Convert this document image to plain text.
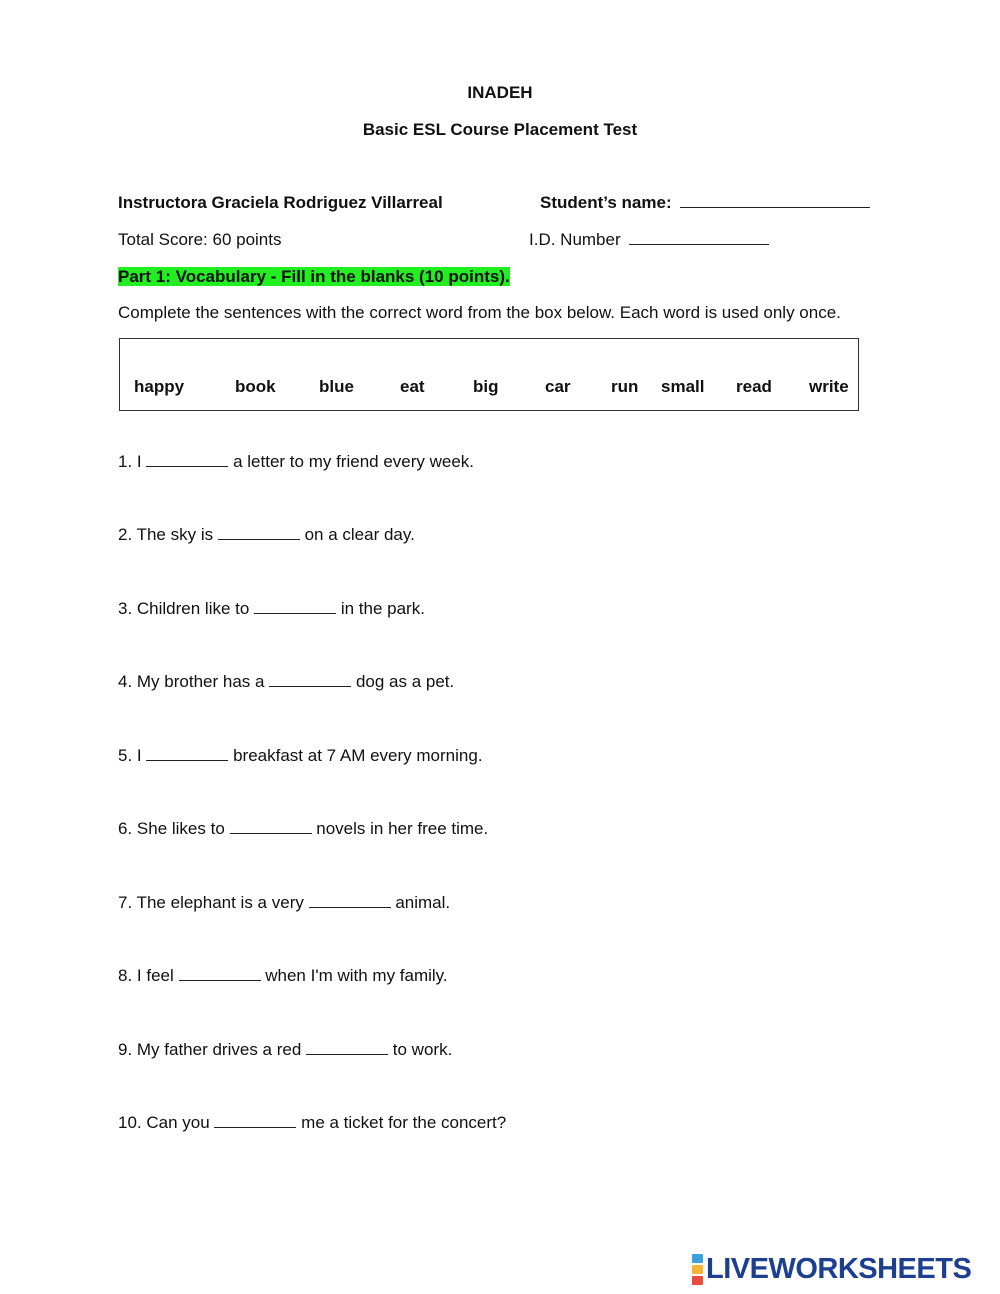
INADEH
Basic ESL Course Placement Test
Instructora Graciela Rodriguez Villarreal	Student’s name:
Total Score: 60 points	I.D. Number
Part 1: Vocabulary - Fill in the blanks (10 points).
Complete the sentences with the correct word from the box below. Each word is used only once.
happy	book	blue	eat	big	car run small read write
1. I	a letter to my friend every week.
2. The sky is	on a clear day.
3. Children like to	in the park.
4. My brother has a	dog as a pet.
5. I	breakfast at 7 AM every morning.
6. She likes to	novels in her free time.
7. The elephant is a very	animal.
8. I feel	when I'm with my family.
9. My father drives a red	to work.
10. Can you	me a ticket for the concert?
LIVEWORKSHEETS
